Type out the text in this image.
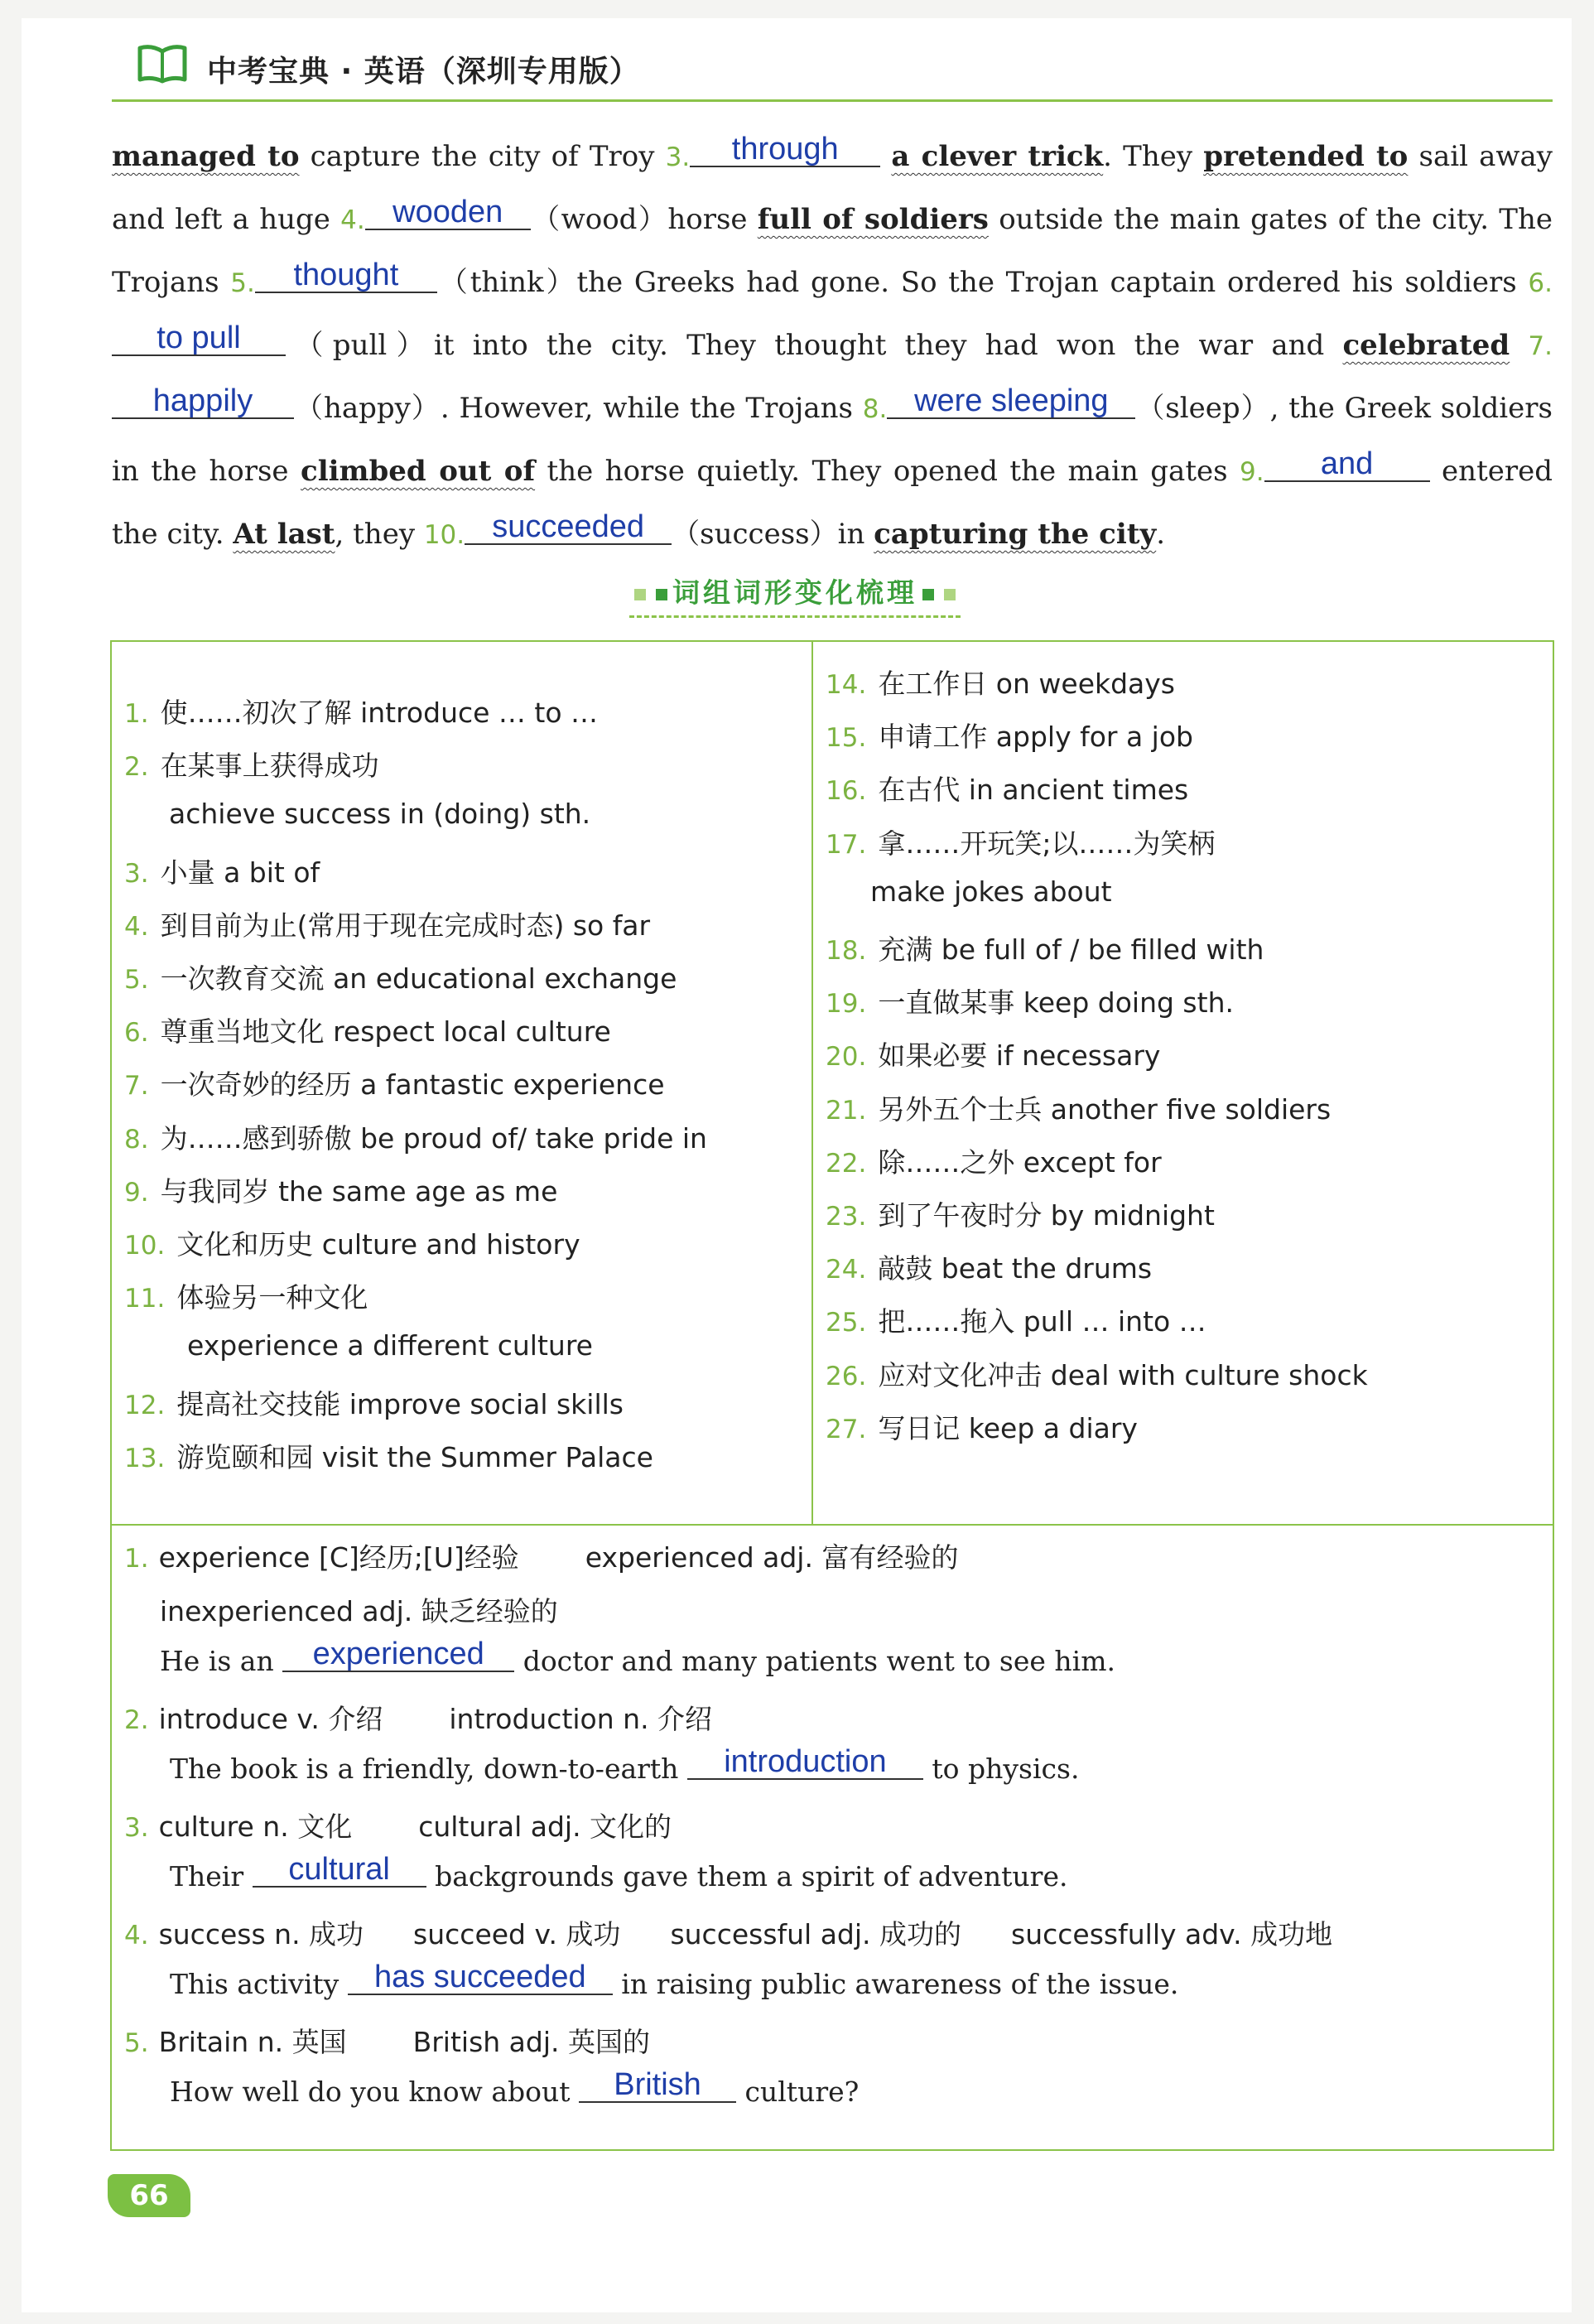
中考宝典 · 英语（深圳专用版）
managed to capture the city of Troy 3. through a clever trick. They pretended to sail away and left a huge 4. wooden （wood）horse full of soldiers outside the main gates of the city. The Trojans 5. thought （think）the Greeks had gone. So the Trojan captain ordered his soldiers 6.to pull （pull）it into the city. They thought they had won the war and celebrated 7.happily （happy）. However, while the Trojans 8. were sleeping （sleep）, the Greek soldiers in the horse climbed out of the horse quietly. They opened the main gates 9. and entered the city. At last, they 10. succeeded （success）in capturing the city.
词组词形变化梳理
1. 使……初次了解 introduce … to …
2. 在某事上获得成功
achieve success in (doing) sth.
3. 小量 a bit of
4. 到目前为止(常用于现在完成时态) so far
5. 一次教育交流 an educational exchange
6. 尊重当地文化 respect local culture
7. 一次奇妙的经历 a fantastic experience
8. 为……感到骄傲 be proud of/ take pride in
9. 与我同岁 the same age as me
10. 文化和历史 culture and history
11. 体验另一种文化
experience a different culture
12. 提高社交技能 improve social skills
13. 游览颐和园 visit the Summer Palace
14. 在工作日 on weekdays
15. 申请工作 apply for a job
16. 在古代 in ancient times
17. 拿……开玩笑;以……为笑柄
make jokes about
18. 充满 be full of / be filled with
19. 一直做某事 keep doing sth.
20. 如果必要 if necessary
21. 另外五个士兵 another five soldiers
22. 除……之外 except for
23. 到了午夜时分 by midnight
24. 敲鼓 beat the drums
25. 把……拖入 pull … into …
26. 应对文化冲击 deal with culture shock
27. 写日记 keep a diary
1. experience [C]经历;[U]经验 experienced adj. 富有经验的
inexperienced adj. 缺乏经验的
He is an experienced doctor and many patients went to see him.
2. introduce v. 介绍 introduction n. 介绍
The book is a friendly, down-to-earth introduction to physics.
3. culture n. 文化 cultural adj. 文化的
Their cultural backgrounds gave them a spirit of adventure.
4. success n. 成功 succeed v. 成功 successful adj. 成功的 successfully adv. 成功地
This activity has succeeded in raising public awareness of the issue.
5. Britain n. 英国 British adj. 英国的
How well do you know about British culture?
66
